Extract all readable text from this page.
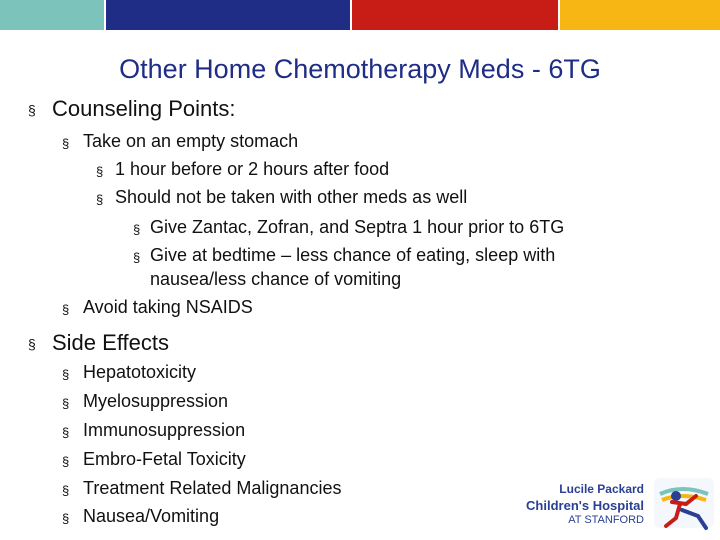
Other Home Chemotherapy Meds - 6TG
§ Counseling Points:
§ Take on an empty stomach
§ 1 hour before or 2 hours after food
§ Should not be taken with other meds as well
§ Give Zantac, Zofran, and Septra 1 hour prior to 6TG
§ Give at bedtime – less chance of eating, sleep with
nausea/less chance of vomiting
§ Avoid taking NSAIDS
§ Side Effects
§ Hepatotoxicity
§ Myelosuppression
§ Immunosuppression
§ Embro-Fetal Toxicity
§ Treatment Related Malignancies
§ Nausea/Vomiting
Lucile Packard
Children's Hospital
AT STANFORD
